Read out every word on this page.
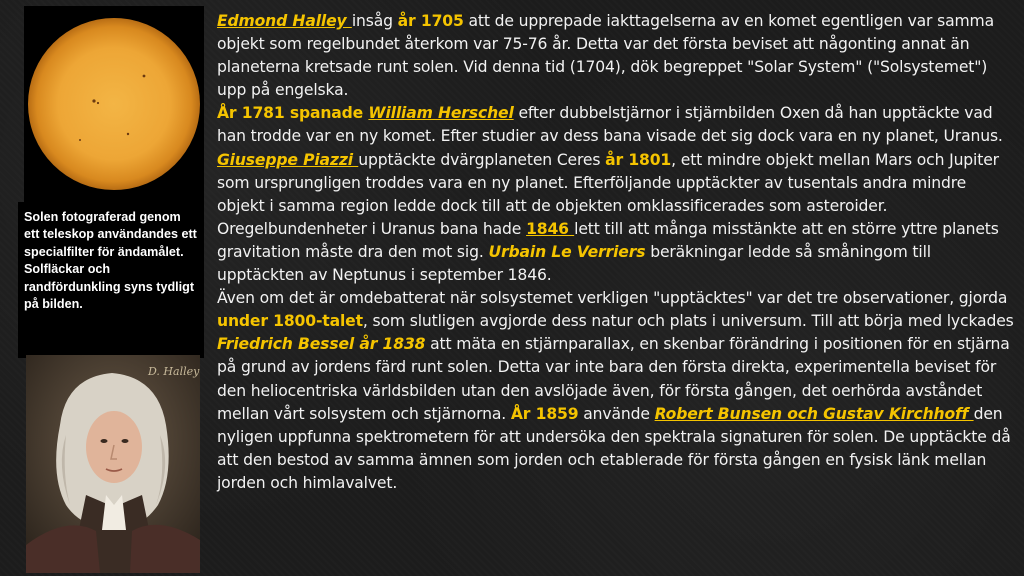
Solen fotograferad genom ett teleskop användandes ett specialfilter för ändamålet. Solfläckar och randfördunkling syns tydligt på bilden.
D. Halley

Edmond Halley insåg år 1705 att de upprepade iakttagelserna av en komet egentligen var samma objekt som regelbundet återkom var 75-76 år. Detta var det första beviset att någonting annat än planeterna kretsade runt solen. Vid denna tid (1704), dök begreppet "Solar System" ("Solsystemet") upp på engelska.

År 1781 spanade William Herschel efter dubbelstjärnor i stjärnbilden Oxen då han upptäckte vad han trodde var en ny komet. Efter studier av dess bana visade det sig dock vara en ny planet, Uranus.

Giuseppe Piazzi upptäckte dvärgplaneten Ceres år 1801, ett mindre objekt mellan Mars och Jupiter som ursprungligen troddes vara en ny planet. Efterföljande upptäckter av tusentals andra mindre objekt i samma region ledde dock till att de objekten omklassificerades som asteroider.

Oregelbundenheter i Uranus bana hade 1846 lett till att många misstänkte att en större yttre planets gravitation måste dra den mot sig. Urbain Le Verriers beräkningar ledde så småningom till upptäckten av Neptunus i september 1846.

Även om det är omdebatterat när solsystemet verkligen "upptäcktes" var det tre observationer, gjorda under 1800-talet, som slutligen avgjorde dess natur och plats i universum. Till att börja med lyckades Friedrich Bessel år 1838 att mäta en stjärnparallax, en skenbar förändring i positionen för en stjärna på grund av jordens färd runt solen. Detta var inte bara den första direkta, experimentella beviset för den heliocentriska världsbilden utan den avslöjade även, för första gången, det oerhörda avståndet mellan vårt solsystem och stjärnorna. År 1859 använde Robert Bunsen och Gustav Kirchhoff den nyligen uppfunna spektrometern för att undersöka den spektrala signaturen för solen. De upptäckte då att den bestod av samma ämnen som jorden och etablerade för första gången en fysisk länk mellan jorden och himlavalvet.
